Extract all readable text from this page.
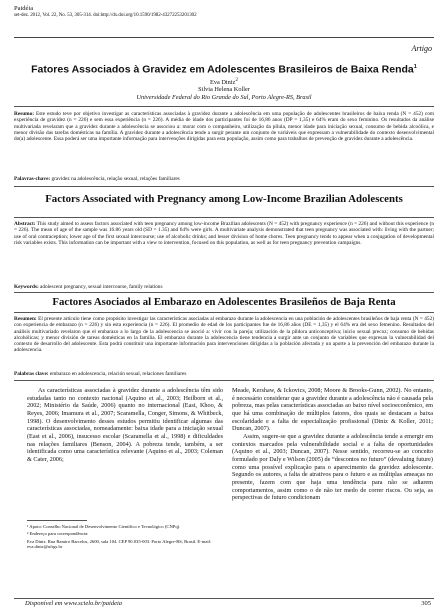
Paidéia
set-dez. 2012, Vol. 22, No. 53, 305-314. doi:http://dx.doi.org/10.1590/1982-43272253201302
Artigo
Fatores Associados à Gravidez em Adolescentes Brasileiros de Baixa Renda$^1$
Eva Diniz$^2$
Silvia Helena Koller
Universidade Federal do Rio Grande do Sul, Porto Alegre-RS, Brasil
Resumo: Este estudo teve por objetivo investigar as características associadas à gravidez durante a adolescência em uma população de adolescentes brasileiros de baixa renda (N = 452) com experiência de gravidez (n = 226) e sem essa experiência (n = 226). A média de idade dos participantes foi de 16,86 anos (DP = 1,35) e 64% eram do sexo feminino. Os resultados da análise multivariada revelaram que a gravidez durante a adolescência se associou a: morar com o companheiro, utilização da pílula, menor idade para iniciação sexual, consumo de bebida alcoólica, e menor divisão das tarefas domésticas na família. A gravidez durante a adolescência tende a surgir perante um conjunto de variáveis que expressam a vulnerabilidade do contexto desenvolvimental do(a) adolescente. Essa poderá ser uma importante informação para intervenções dirigidas para esta população, assim como para trabalhos de prevenção de gravidez durante a adolescência.
Palavras-chave: gravidez na adolescência, relação sexual, relações familiares
Factors Associated with Pregnancy among Low-Income Brazilian Adolescents
Abstract: This study aimed to assess factors associated with teen pregnancy among low-income Brazilian adolescents (N = 452) with pregnancy experience (n = 226) and without this experience (n = 226). The mean of age of the sample was 16.86 years old (SD = 1.35) and 64% were girls. A multivariate analysis demonstrated that teen pregnancy was associated with: living with the partner; use of oral contraception; lower age of the first sexual intercourse; use of alcoholic drinks; and lesser division of home chores. Teen pregnancy tends to appear when a conjugation of developmental risk variables exists. This information can be important with a view to intervention, focused on this population, as well as for teen pregnancy prevention campaigns.
Keywords: adolescent pregnancy, sexual intercourse, family relations
Factores Asociados al Embarazo en Adolescentes Brasileños de Baja Renta
Resumen: El presente artículo tiene como propósito investigar las características asociadas al embarazo durante la adolescencia en una población de adolescentes brasileños de baja renta (N = 452) con experiencia de embarazo (n = 226) y sin esta experiencia (n = 226). El promedio de edad de los participantes fue de 16,86 años (DE = 1,35) y el 64% era del sexo femenino. Resultados del análisis multivariado revelaron que el embarazo a lo largo de la adolescencia se asoció a: vivir con la pareja; utilización de la píldora anticonceptiva; inicio sexual precoz; consumo de bebidas alcohólicas; y menor división de tareas domésticas en la familia. El embarazo durante la adolescencia tiene tendencia a surgir ante un conjunto de variables que expresan la vulnerabilidad del contexto de desarrollo del adolescente. Esta podrá constituir una importante información para intervenciones dirigidas a la población afectada y un aporte a la prevención del embarazo durante la adolescencia.
Palabras clave: embarazo en adolescencia, relación sexual, relaciones familiares

As características associadas à gravidez durante a adolescência têm sido estudadas tanto no contexto nacional (Aquino et al., 2003; Heilborn et al., 2002; Ministério da Saúde, 2006) quanto no internacional (East, Khoo, & Reyes, 2006; Imamura et al., 2007; Scaramella, Conger, Simons, & Whitbeck, 1998). O desenvolvimento desses estudos permitiu identificar algumas das características associadas, nomeadamente: baixa idade para a iniciação sexual (East et al., 2006), insucesso escolar (Scaramella et al., 1998) e dificuldades nas relações familiares (Benson, 2004). A pobreza tende, também, a ser identificada como uma característica relevante (Aquino et al., 2003; Coleman & Cater, 2006;

Meade, Kershaw, & Ickovics, 2008; Moore & Brooks-Gunn, 2002). No entanto, é necessário considerar que a gravidez durante a adolescência não é causada pela pobreza, mas pelas características associadas ao baixo nível socioeconômico, em que há uma combinação de múltiplos fatores, dos quais se destacam a baixa escolaridade e a falta de especialização profissional (Diniz & Koller, 2011; Duncan, 2007).

Assim, sugere-se que a gravidez durante a adolescência tende a emergir em contextos marcados pela vulnerabilidade social e a falta de oportunidades (Aquino et al., 2003; Duncan, 2007). Nesse sentido, recorreu-se ao conceito formulado por Daly e Wilson (2005) de “descontos no futuro” (devaluing future) como uma possível explicação para o aparecimento da gravidez adolescente. Segundo os autores, a falta de atrativos para o futuro e as múltiplas ameaças no presente, fazem com que haja uma tendência para não se adiarem comportamentos, assim como o de não ter medo de correr riscos. Ou seja, as perspectivas de futuro condicionam

¹ Apoio: Conselho Nacional de Desenvolvimento Científico e Tecnológico (CNPq).
² Endereço para correspondência:
Eva Diniz. Rua Ramiro Barcelos, 2600, sala 104. CEP 90.035-003. Porto Alegre-RS, Brasil. E-mail: eva.diniz@ufrgs.br
Disponível em www.scielo.br/paideia	305
